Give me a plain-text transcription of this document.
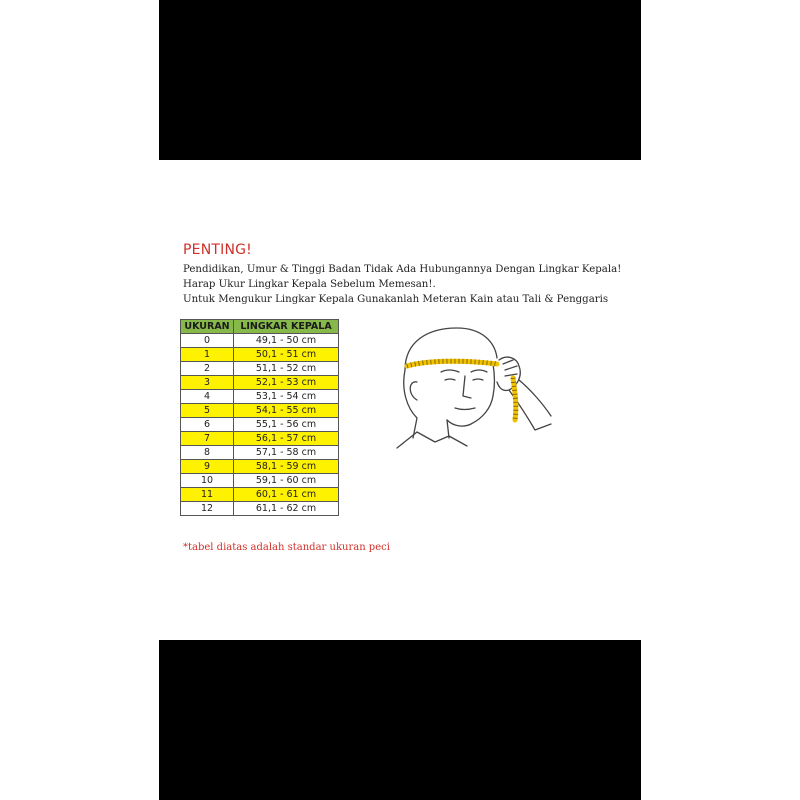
PENTING!
Pendidikan, Umur & Tinggi Badan Tidak Ada Hubungannya Dengan Lingkar Kepala!
Harap Ukur Lingkar Kepala Sebelum Memesan!.
Untuk Mengukur Lingkar Kepala Gunakanlah Meteran Kain atau Tali & Penggaris
UKURAN	LINGKAR KEPALA
0	49,1 - 50 cm
1	50,1 - 51 cm
2	51,1 - 52 cm
3	52,1 - 53 cm
4	53,1 - 54 cm
5	54,1 - 55 cm
6	55,1 - 56 cm
7	56,1 - 57 cm
8	57,1 - 58 cm
9	58,1 - 59 cm
10	59,1 - 60 cm
11	60,1 - 61 cm
12	61,1 - 62 cm
*tabel diatas adalah standar ukuran peci
